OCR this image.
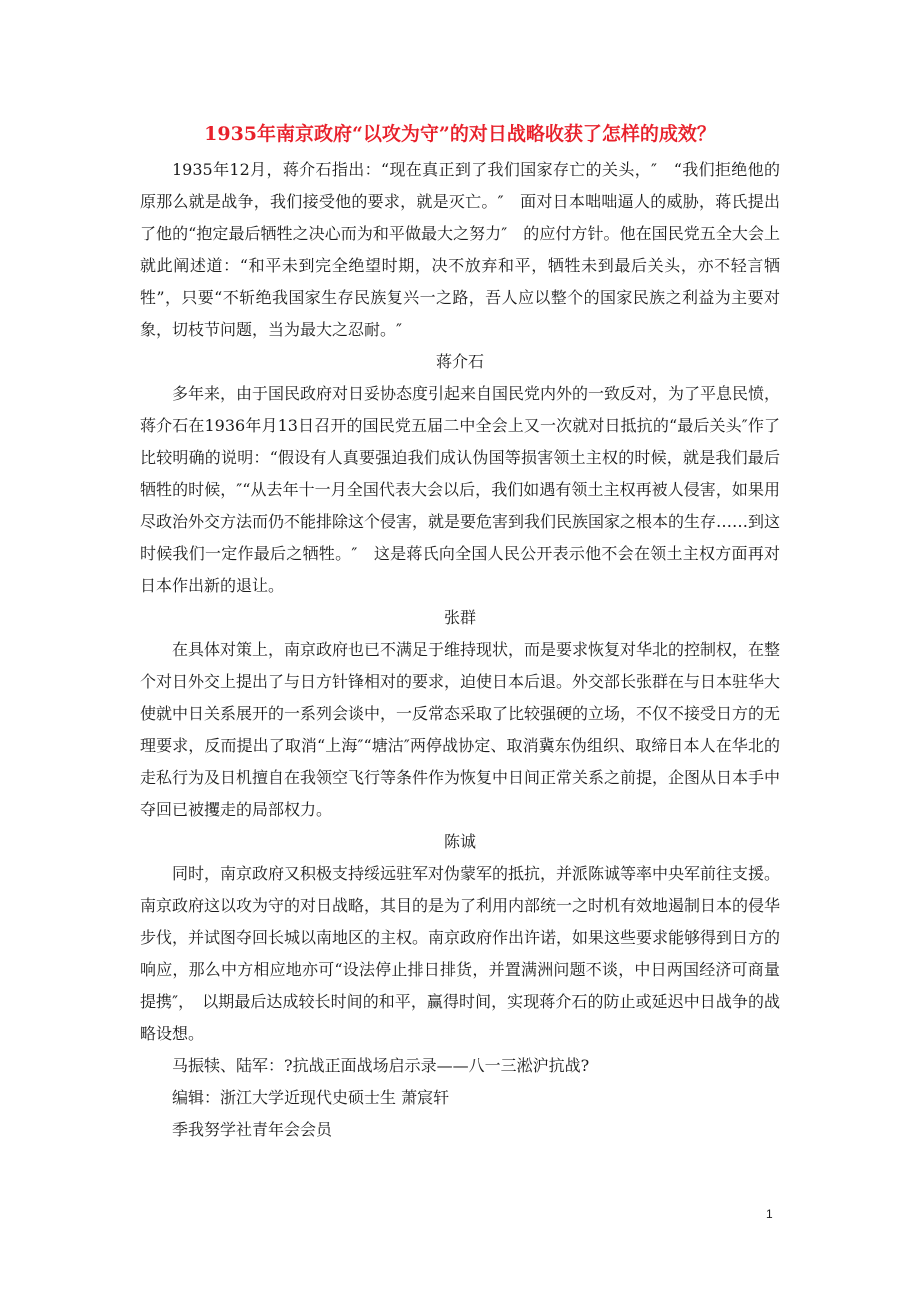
1935年南京政府“以攻为守”的对日战略收获了怎样的成效？

1935年12月，蒋介石指出：“现在真正到了我们国家存亡的关头，″　“我们拒绝他的原那么就是战争，我们接受他的要求，就是灭亡。″　面对日本咄咄逼人的威胁，蒋氏提出了他的“抱定最后牺牲之决心而为和平做最大之努力″　的应付方针。他在国民党五全大会上就此阐述道：“和平未到完全绝望时期，决不放弃和平，牺牲未到最后关头，亦不轻言牺牲”，只要“不斩绝我国家生存民族复兴一之路，吾人应以整个的国家民族之利益为主要对象，切枝节问题，当为最大之忍耐。″

蒋介石

多年来，由于国民政府对日妥协态度引起来自国民党内外的一致反对，为了平息民愤，蒋介石在1936年月13日召开的国民党五届二中全会上又一次就对日抵抗的“最后关头″作了比较明确的说明：“假设有人真要强迫我们成认伪国等损害领土主权的时候，就是我们最后牺牲的时候，″“从去年十一月全国代表大会以后，我们如遇有领土主权再被人侵害，如果用尽政治外交方法而仍不能排除这个侵害，就是要危害到我们民族国家之根本的生存……到这时候我们一定作最后之牺牲。″　这是蒋氏向全国人民公开表示他不会在领土主权方面再对日本作出新的退让。

张群

在具体对策上，南京政府也已不满足于维持现状，而是要求恢复对华北的控制权，在整个对日外交上提出了与日方针锋相对的要求，迫使日本后退。外交部长张群在与日本驻华大使就中日关系展开的一系列会谈中，一反常态采取了比较强硬的立场，不仅不接受日方的无理要求，反而提出了取消“上海″“塘沽″两停战协定、取消冀东伪组织、取缔日本人在华北的走私行为及日机擅自在我领空飞行等条件作为恢复中日间正常关系之前提，企图从日本手中夺回已被攫走的局部权力。

陈诚

同时，南京政府又积极支持绥远驻军对伪蒙军的抵抗，并派陈诚等率中央军前往支援。南京政府这以攻为守的对日战略，其目的是为了利用内部统一之时机有效地遏制日本的侵华步伐，并试图夺回长城以南地区的主权。南京政府作出许诺，如果这些要求能够得到日方的响应，那么中方相应地亦可“设法停止排日排货，并置满洲问题不谈，中日两国经济可商量提携″，　以期最后达成较长时间的和平，赢得时间，实现蒋介石的防止或延迟中日战争的战略设想。

马振犊、陆军：?抗战正面战场启示录——八一三淞沪抗战?

编辑：浙江大学近现代史硕士生 萧宸轩

季我努学社青年会会员

1
